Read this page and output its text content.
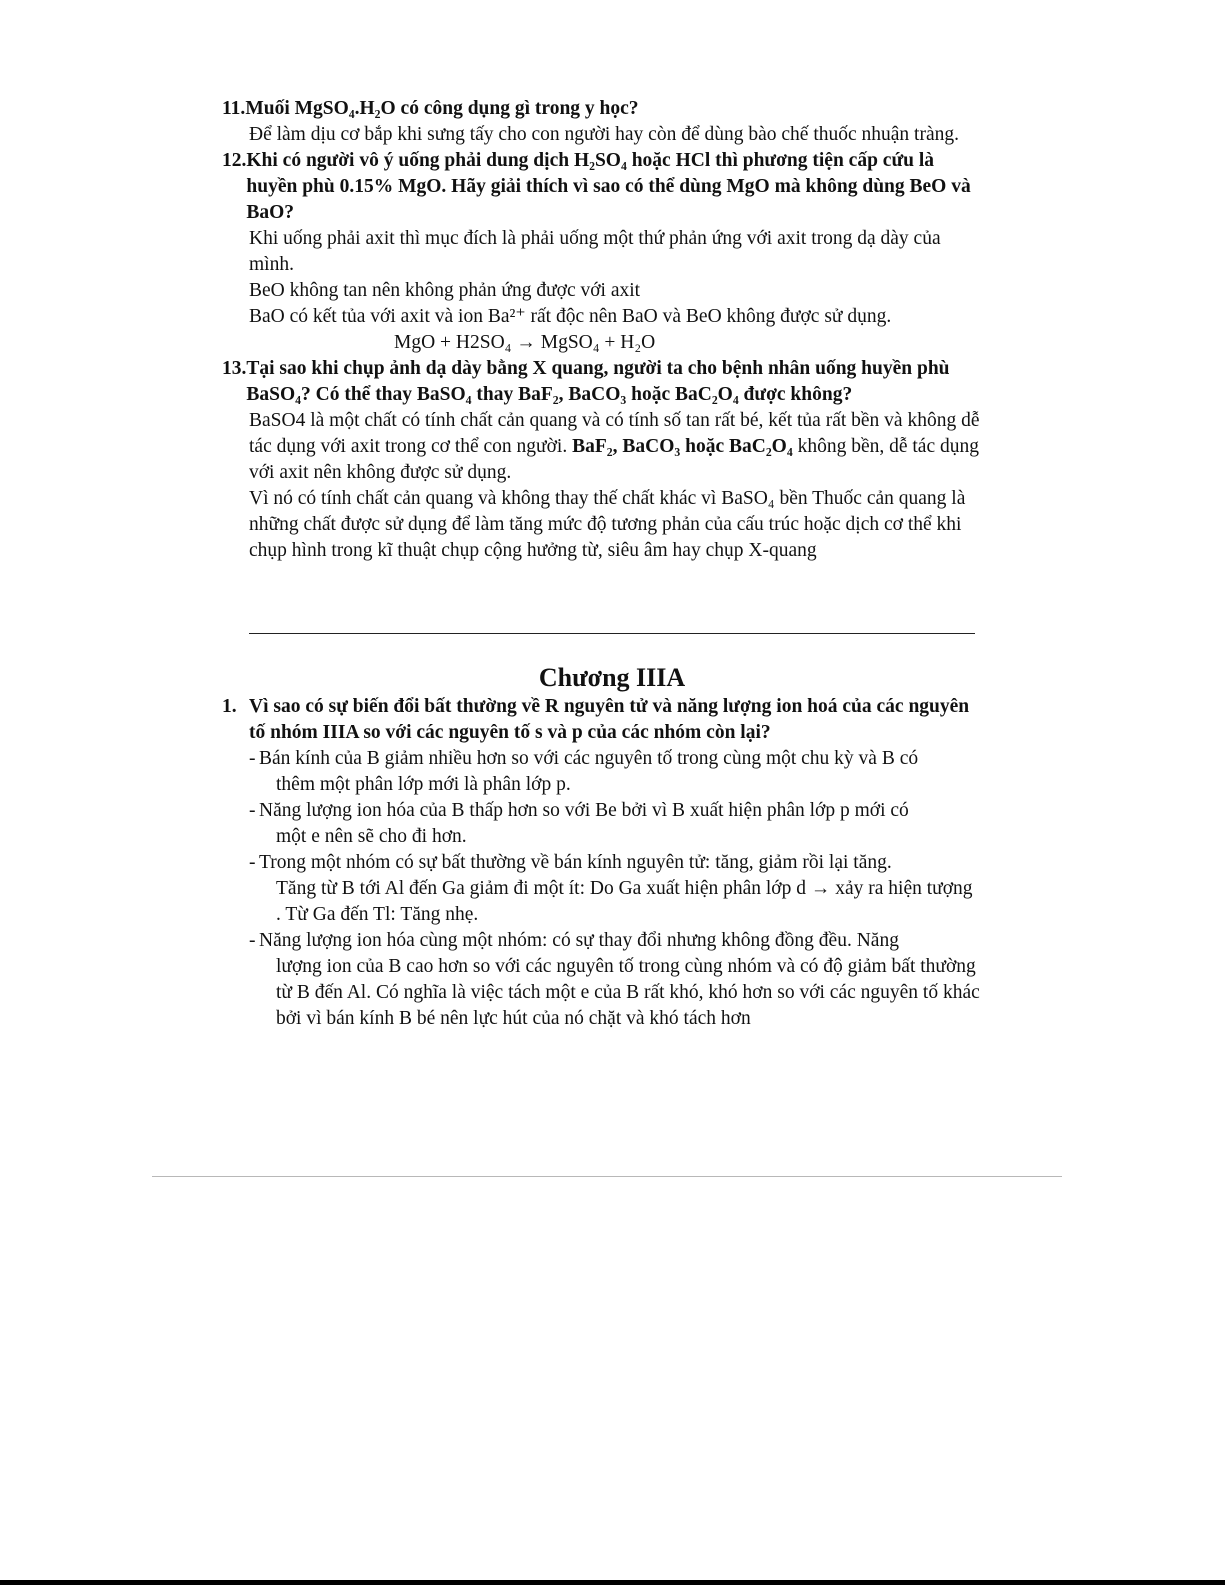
11. Muối MgSO₄.H₂O có công dụng gì trong y học?

Để làm dịu cơ bắp khi sưng tấy cho con người hay còn để dùng bào chế thuốc nhuận tràng.

12. Khi có người vô ý uống phải dung dịch H₂SO₄ hoặc HCl thì phương tiện cấp cứu là huyền phù 0.15% MgO. Hãy giải thích vì sao có thể dùng MgO mà không dùng BeO và BaO?

Khi uống phải axit thì mục đích là phải uống một thứ phản ứng với axit trong dạ dày của mình.

BeO không tan nên không phản ứng được với axit

BaO có kết tủa với axit và ion Ba²⁺ rất độc nên BaO và BeO không được sử dụng.

MgO + H2SO₄ → MgSO₄ + H₂O

13. Tại sao khi chụp ảnh dạ dày bằng X quang, người ta cho bệnh nhân uống huyền phù BaSO₄? Có thể thay BaSO₄ thay BaF₂, BaCO₃ hoặc BaC₂O₄ được không?

BaSO4 là một chất có tính chất cản quang và có tính số tan rất bé, kết tủa rất bền và không dễ tác dụng với axit trong cơ thể con người. BaF₂, BaCO₃ hoặc BaC₂O₄ không bền, dễ tác dụng với axit nên không được sử dụng.

Vì nó có tính chất cản quang và không thay thế chất khác vì BaSO₄ bền Thuốc cản quang là những chất được sử dụng để làm tăng mức độ tương phản của cấu trúc hoặc dịch cơ thể khi chụp hình trong kĩ thuật chụp cộng hưởng từ, siêu âm hay chụp X-quang

Chương IIIA
1. Vì sao có sự biến đổi bất thường về R nguyên tử và năng lượng ion hoá của các nguyên tố nhóm IIIA so với các nguyên tố s và p của các nhóm còn lại?
- Bán kính của B giảm nhiều hơn so với các nguyên tố trong cùng một chu kỳ và B có
thêm một phân lớp mới là phân lớp p.
- Năng lượng ion hóa của B thấp hơn so với Be bởi vì B xuất hiện phân lớp p mới có
một e nên sẽ cho đi hơn.
- Trong một nhóm có sự bất thường về bán kính nguyên tử: tăng, giảm rồi lại tăng.
Tăng từ B tới Al đến Ga giảm đi một ít: Do Ga xuất hiện phân lớp d → xảy ra hiện tượng        . Từ Ga đến Tl: Tăng nhẹ.
- Năng lượng ion hóa cùng một nhóm: có sự thay đổi nhưng không đồng đều. Năng
lượng ion của B cao hơn so với các nguyên tố trong cùng nhóm và có độ giảm bất thường từ B đến Al. Có nghĩa là việc tách một e của B rất khó, khó hơn so với các nguyên tố khác bởi vì bán kính B bé nên lực hút của nó chặt và khó tách hơn
